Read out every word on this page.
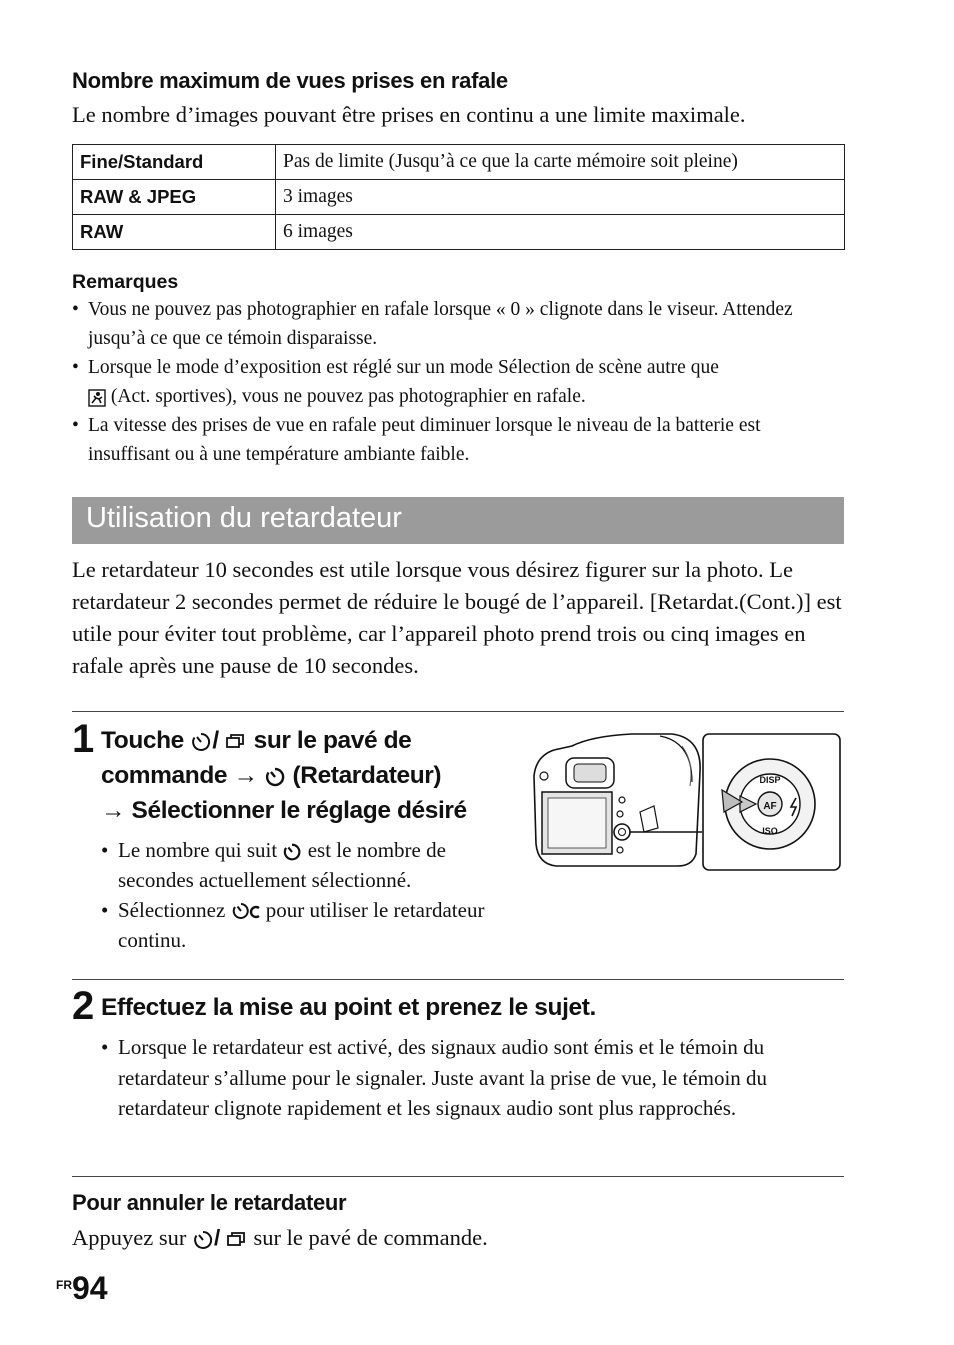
Nombre maximum de vues prises en rafale
Le nombre d’images pouvant être prises en continu a une limite maximale.
Fine/Standard	Pas de limite (Jusqu’à ce que la carte mémoire soit pleine)
RAW & JPEG	3 images
RAW	6 images
Remarques
• Vous ne pouvez pas photographier en rafale lorsque « 0 » clignote dans le viseur. Attendez jusqu’à ce que ce témoin disparaisse.
• Lorsque le mode d’exposition est réglé sur un mode Sélection de scène autre que
(Act. sportives), vous ne pouvez pas photographier en rafale.
• La vitesse des prises de vue en rafale peut diminuer lorsque le niveau de la batterie est insuffisant ou à une température ambiante faible.
Utilisation du retardateur
Le retardateur 10 secondes est utile lorsque vous désirez figurer sur la photo. Le retardateur 2 secondes permet de réduire le bougé de l’appareil. [Retardat.(Cont.)] est utile pour éviter tout problème, car l’appareil photo prend trois ou cinq images en rafale après une pause de 10 secondes.
1 Touche / sur le pavé de
commande → (Retardateur)
→ Sélectionner le réglage désiré
• Le nombre qui suit est le nombre de secondes actuellement sélectionné.
• Sélectionnez pour utiliser le retardateur continu.
AF
DISP
ISO
2 Effectuez la mise au point et prenez le sujet.
• Lorsque le retardateur est activé, des signaux audio sont émis et le témoin du retardateur s’allume pour le signaler. Juste avant la prise de vue, le témoin du retardateur clignote rapidement et les signaux audio sont plus rapprochés.
Pour annuler le retardateur
Appuyez sur / sur le pavé de commande.
FR 94
